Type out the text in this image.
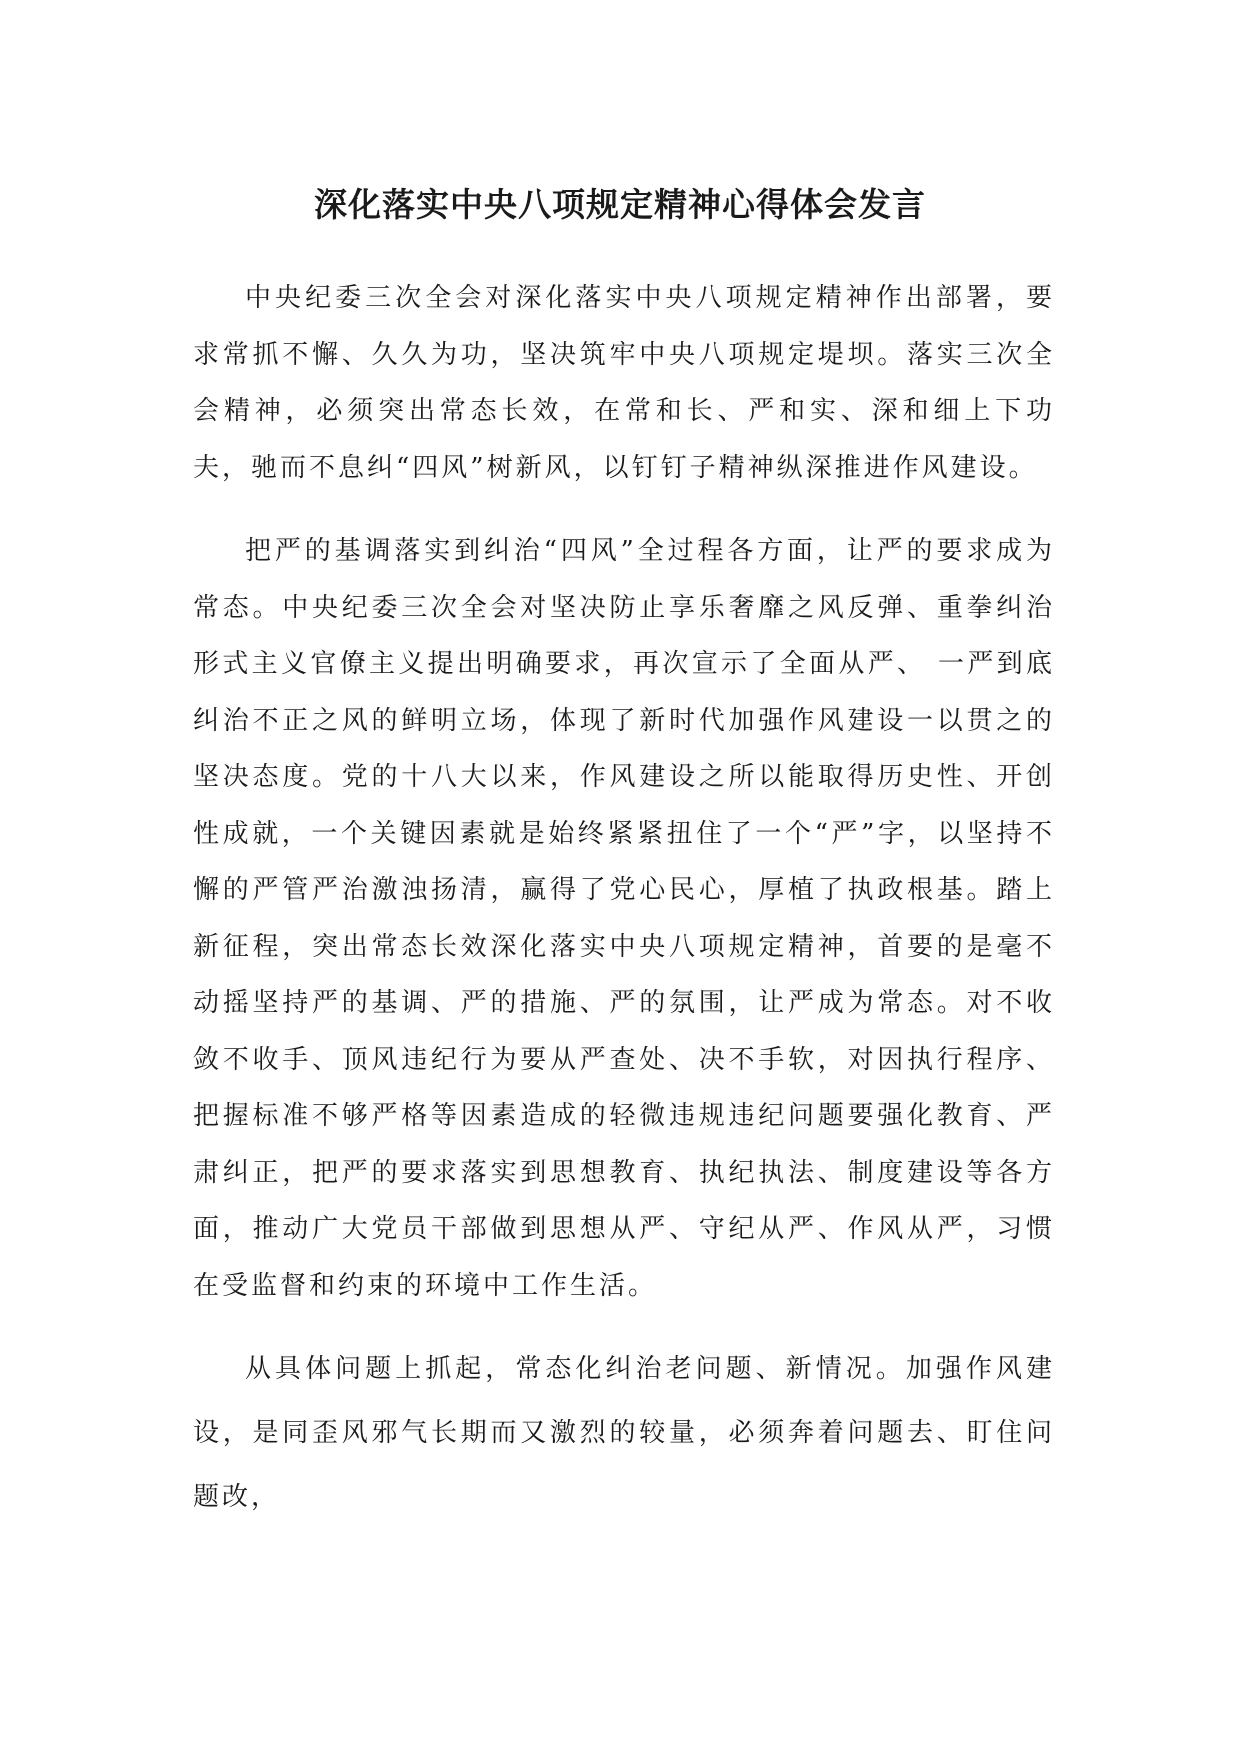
深化落实中央八项规定精神心得体会发言

中央纪委三次全会对深化落实中央八项规定精神作出部署，要求常抓不懈、久久为功，坚决筑牢中央八项规定堤坝。落实三次全会精神，必须突出常态长效，在常和长、严和实、深和细上下功夫，驰而不息纠“四风”树新风，以钉钉子精神纵深推进作风建设。

把严的基调落实到纠治“四风”全过程各方面，让严的要求成为常态。中央纪委三次全会对坚决防止享乐奢靡之风反弹、重拳纠治形式主义官僚主义提出明确要求，再次宣示了全面从严、 一严到底纠治不正之风的鲜明立场，体现了新时代加强作风建设一以贯之的坚决态度。党的十八大以来，作风建设之所以能取得历史性、开创性成就，一个关键因素就是始终紧紧扭住了一个“严”字，以坚持不懈的严管严治激浊扬清，赢得了党心民心，厚植了执政根基。踏上新征程，突出常态长效深化落实中央八项规定精神，首要的是毫不动摇坚持严的基调、严的措施、严的氛围，让严成为常态。对不收敛不收手、顶风违纪行为要从严查处、决不手软，对因执行程序、把握标准不够严格等因素造成的轻微违规违纪问题要强化教育、严肃纠正，把严的要求落实到思想教育、执纪执法、制度建设等各方面，推动广大党员干部做到思想从严、守纪从严、作风从严，习惯在受监督和约束的环境中工作生活。

从具体问题上抓起，常态化纠治老问题、新情况。加强作风建设，是同歪风邪气长期而又激烈的较量，必须奔着问题去、盯住问题改，
